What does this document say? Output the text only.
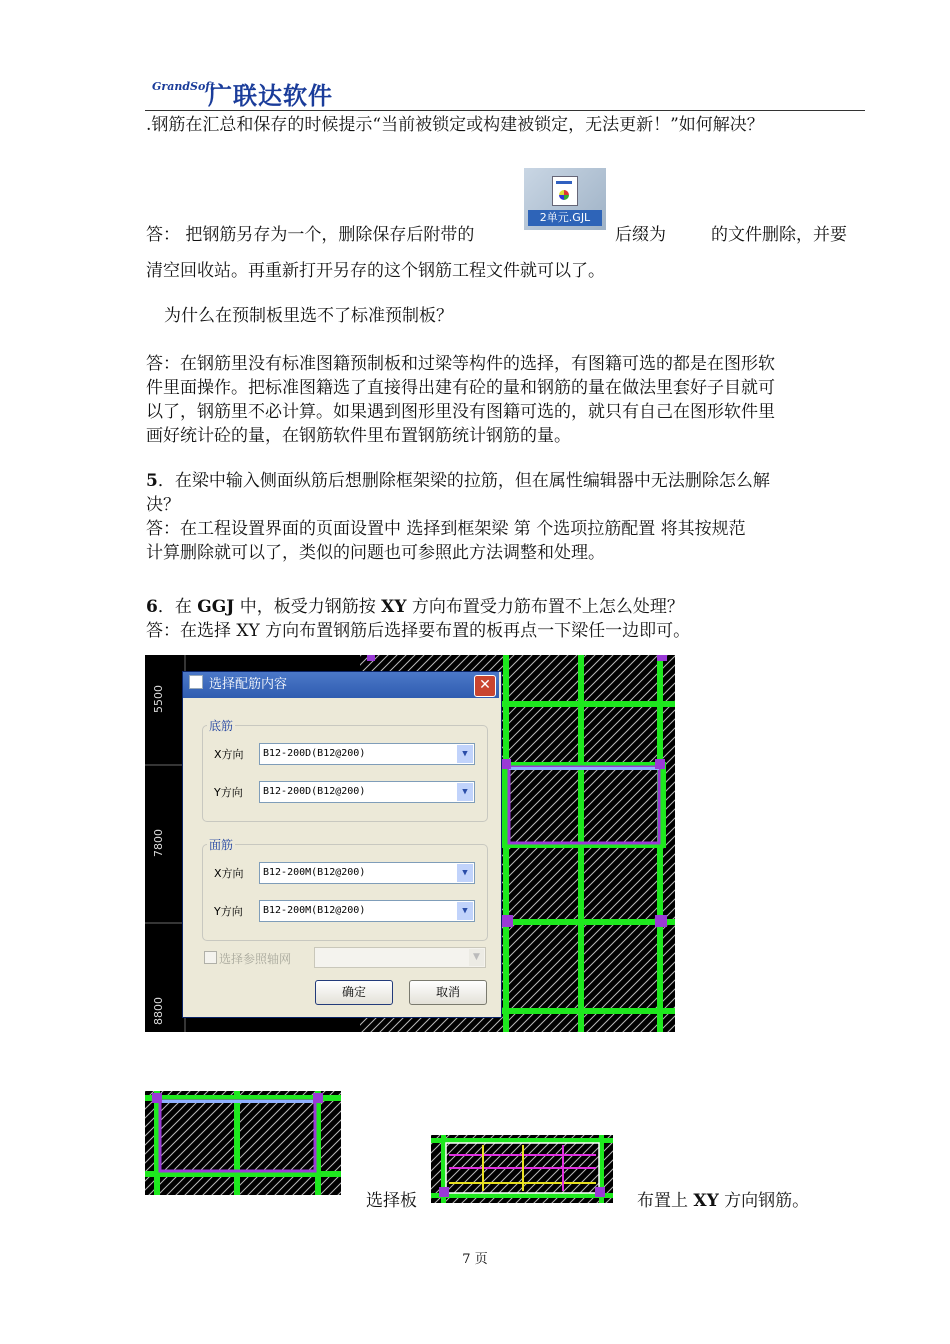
GrandSoft
广联达软件
.钢筋在汇总和保存的时候提示“当前被锁定或构建被锁定，无法更新！”如何解决？
2单元.GJL
答： 把钢筋另存为一个，删除保存后附带的	后缀为	的文件删除，并要
清空回收站。再重新打开另存的这个钢筋工程文件就可以了。
为什么在预制板里选不了标准预制板？
答：在钢筋里没有标准图籍预制板和过梁等构件的选择，有图籍可选的都是在图形软
件里面操作。把标准图籍选了直接得出建有砼的量和钢筋的量在做法里套好子目就可
以了，钢筋里不必计算。如果遇到图形里没有图籍可选的，就只有自己在图形软件里
画好统计砼的量，在钢筋软件里布置钢筋统计钢筋的量。
5．在梁中输入侧面纵筋后想删除框架梁的拉筋，但在属性编辑器中无法删除怎么解
决？
答：在工程设置界面的页面设置中 选择到框架梁 第 个选项拉筋配置 将其按规范
计算删除就可以了，类似的问题也可参照此方法调整和处理。
6．在 GGJ 中，板受力钢筋按 XY 方向布置受力筋布置不上怎么处理？
答：在选择 XY 方向布置钢筋后选择要布置的板再点一下梁任一边即可。
5500
7800
8800
选择配筋内容	✕
底筋
X方向	B12-200D(B12@200)	▼
Y方向	B12-200D(B12@200)	▼
面筋
X方向	B12-200M(B12@200)	▼
Y方向	B12-200M(B12@200)	▼
选择参照轴网	▼
确定	取消
选择板	布置上 XY 方向钢筋。
7 页
